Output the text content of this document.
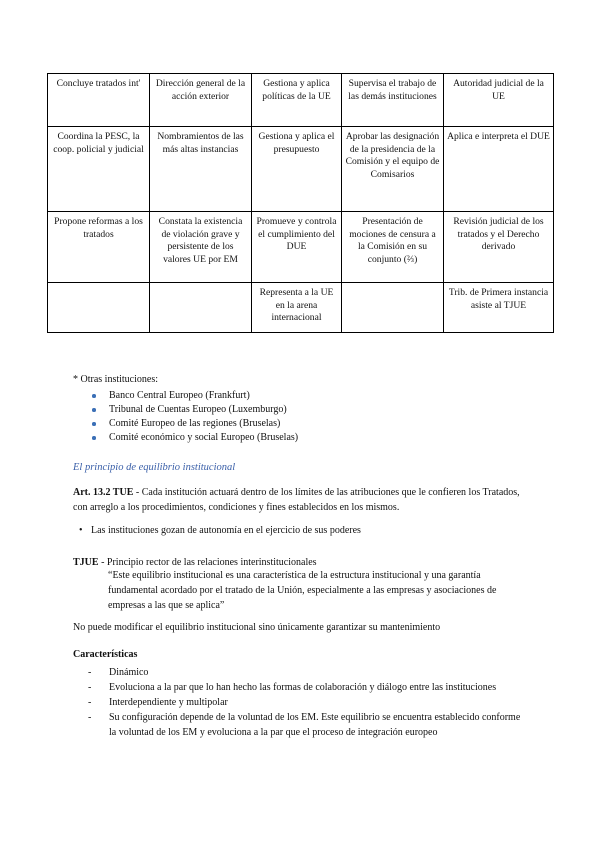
Concluye tratados int'	Dirección general de la acción exterior	Gestiona y aplica políticas de la UE	Supervisa el trabajo de las demás instituciones	Autoridad judicial de la UE
Coordina la PESC, la coop. policial y judicial	Nombramientos de las más altas instancias	Gestiona y aplica el presupuesto	Aprobar las designación de la presidencia de la Comisión y el equipo de Comisarios	Aplica e interpreta el DUE
Propone reformas a los tratados	Constata la existencia de violación grave y persistente de los valores UE por EM	Promueve y controla el cumplimiento del DUE	Presentación de mociones de censura a la Comisión en su conjunto (⅔)	Revisión judicial de los tratados y el Derecho derivado
		Representa a la UE en la arena internacional		Trib. de Primera instancia asiste al TJUE
* Otras instituciones:
Banco Central Europeo (Frankfurt)
Tribunal de Cuentas Europeo (Luxemburgo)
Comité Europeo de las regiones (Bruselas)
Comité económico y social Europeo (Bruselas)
El principio de equilibrio institucional
Art. 13.2 TUE - Cada institución actuará dentro de los límites de las atribuciones que le confieren los Tratados, con arreglo a los procedimientos, condiciones y fines establecidos en los mismos.
• Las instituciones gozan de autonomía en el ejercicio de sus poderes
TJUE - Principio rector de las relaciones interinstitucionales
“Este equilibrio institucional es una característica de la estructura institucional y una garantía fundamental acordado por el tratado de la Unión, especialmente a las empresas y asociaciones de empresas a las que se aplica”
No puede modificar el equilibrio institucional sino únicamente garantizar su mantenimiento
Características
- Dinámico
- Evoluciona a la par que lo han hecho las formas de colaboración y diálogo entre las instituciones
- Interdependiente y multipolar
- Su configuración depende de la voluntad de los EM. Este equilibrio se encuentra establecido conforme la voluntad de los EM y evoluciona a la par que el proceso de integración europeo
